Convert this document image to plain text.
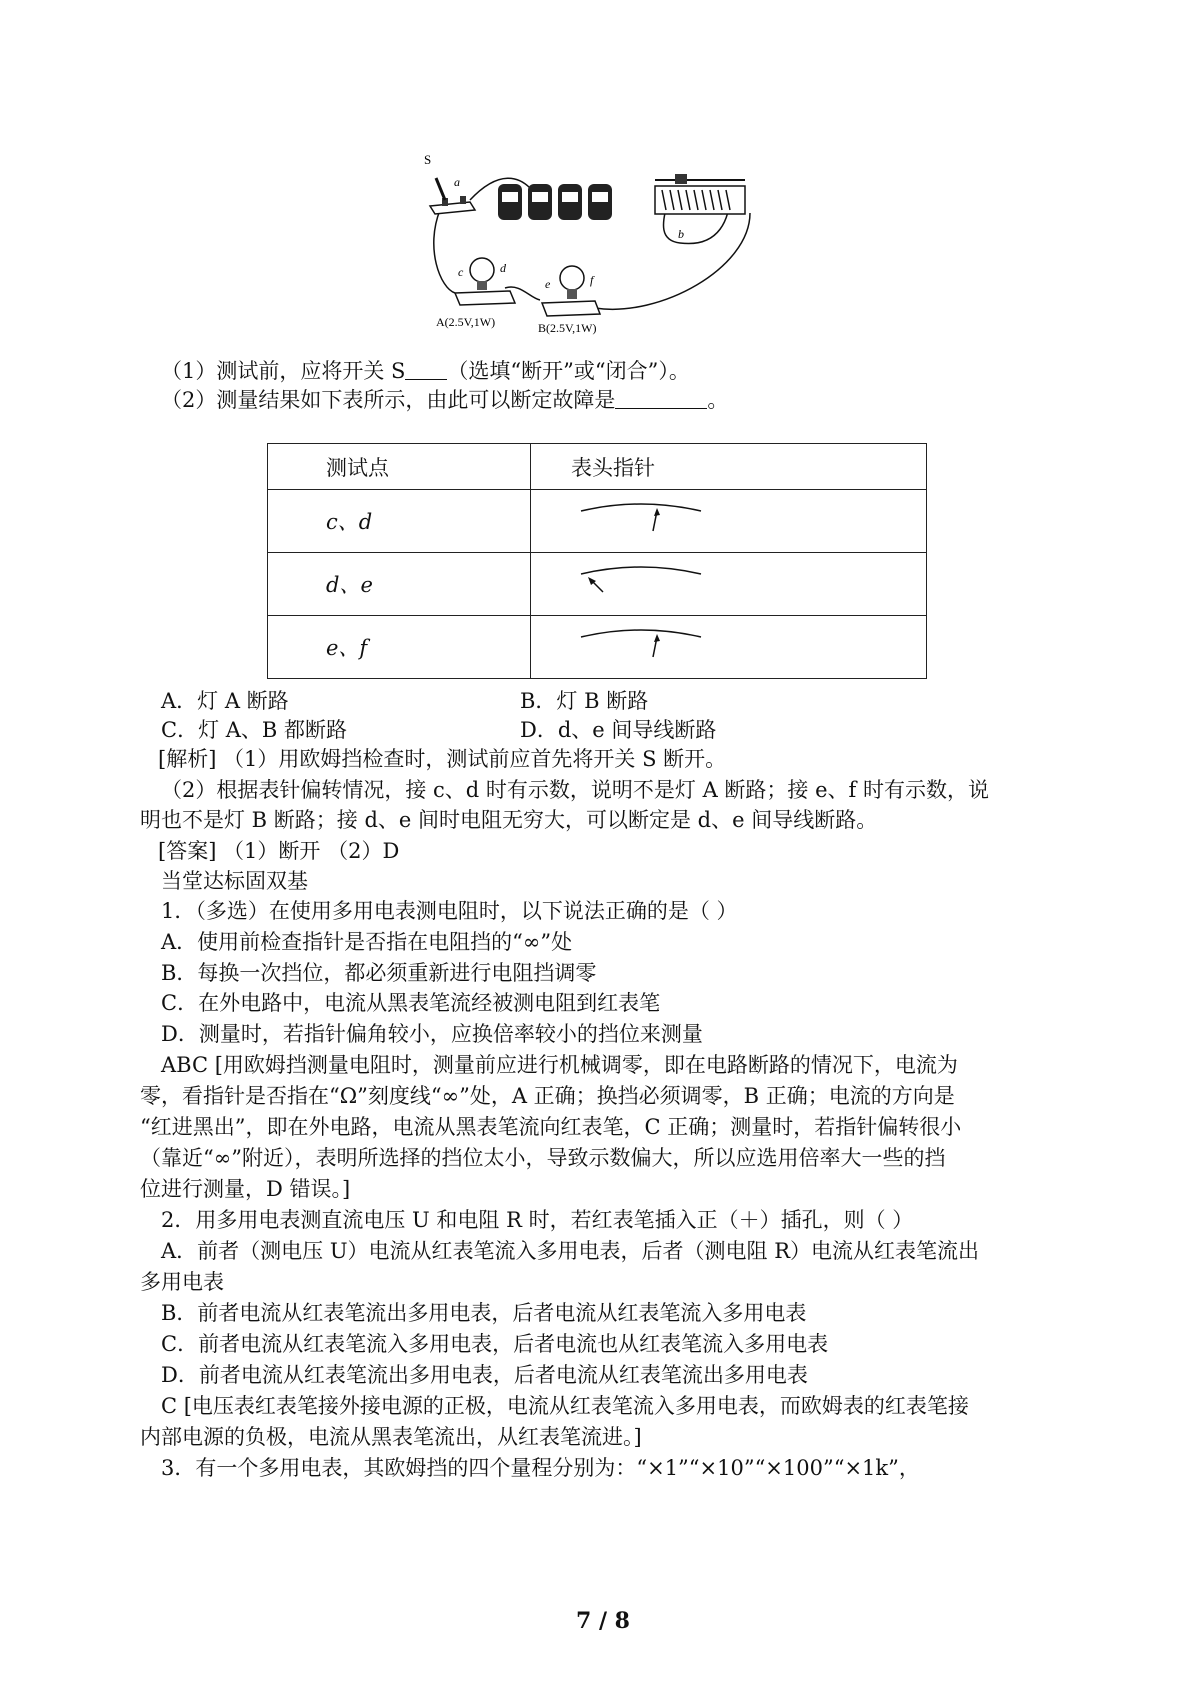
S
a
b
c	d
e	f
A(2.5V,1W)	B(2.5V,1W)
（1）测试前，应将开关 S （选填“断开”或“闭合”）。
（2）测量结果如下表所示，由此可以断定故障是	。
测试点	表头指针
c、d	
d、e	
e、f	
A．灯 A 断路	B．灯 B 断路
C．灯 A、B 都断路	D．d、e 间导线断路
[解析] （1）用欧姆挡检查时，测试前应首先将开关 S 断开。
（2）根据表针偏转情况，接 c、d 时有示数，说明不是灯 A 断路；接 e、f 时有示数，说
明也不是灯 B 断路；接 d、e 间时电阻无穷大，可以断定是 d、e 间导线断路。
[答案] （1）断开 （2）D
当堂达标固双基
1．（多选）在使用多用电表测电阻时，以下说法正确的是（ ）
A．使用前检查指针是否指在电阻挡的“∞”处
B．每换一次挡位，都必须重新进行电阻挡调零
C．在外电路中，电流从黑表笔流经被测电阻到红表笔
D．测量时，若指针偏角较小，应换倍率较小的挡位来测量
ABC [用欧姆挡测量电阻时，测量前应进行机械调零，即在电路断路的情况下，电流为
零，看指针是否指在“Ω”刻度线“∞”处，A 正确；换挡必须调零，B 正确；电流的方向是
“红进黑出”，即在外电路，电流从黑表笔流向红表笔，C 正确；测量时，若指针偏转很小
（靠近“∞”附近），表明所选择的挡位太小，导致示数偏大，所以应选用倍率大一些的挡
位进行测量，D 错误。]
2．用多用电表测直流电压 U 和电阻 R 时，若红表笔插入正（＋）插孔，则（ ）
A．前者（测电压 U）电流从红表笔流入多用电表，后者（测电阻 R）电流从红表笔流出
多用电表
B．前者电流从红表笔流出多用电表，后者电流从红表笔流入多用电表
C．前者电流从红表笔流入多用电表，后者电流也从红表笔流入多用电表
D．前者电流从红表笔流出多用电表，后者电流从红表笔流出多用电表
C [电压表红表笔接外接电源的正极，电流从红表笔流入多用电表，而欧姆表的红表笔接
内部电源的负极，电流从黑表笔流出，从红表笔流进。]
3．有一个多用电表，其欧姆挡的四个量程分别为：“×1”“×10”“×100”“×1k”，
7 / 8
